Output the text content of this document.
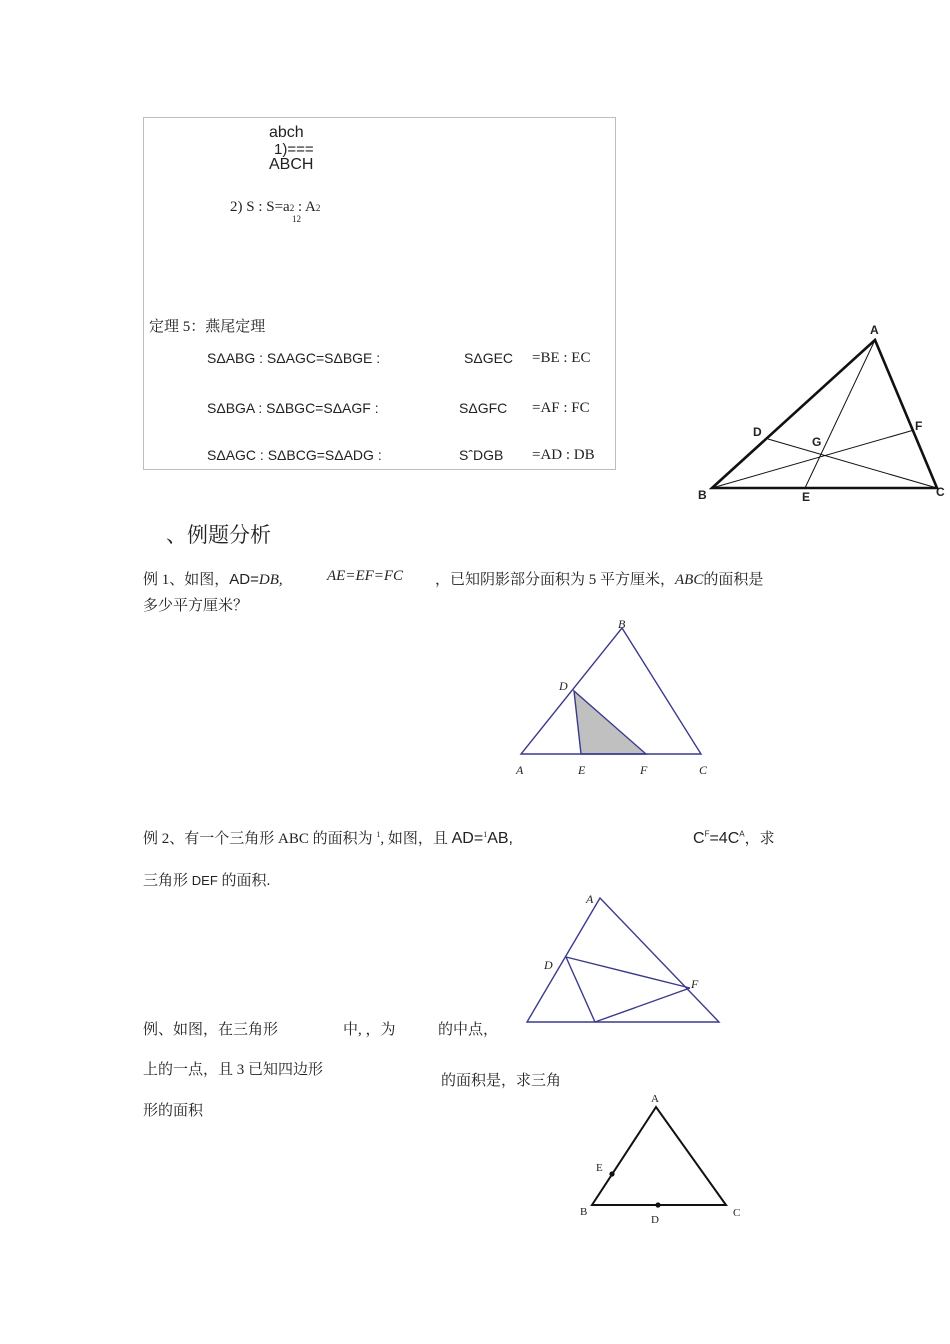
abch
1)===
ABCH
2) S : S=a2 : A2
12
定理 5：燕尾定理
SΔABG : SΔAGC=SΔBGE :	SΔGEC =BE : EC
SΔBGA : SΔBGC=SΔAGF :	SΔGFC =AF : FC
SΔAGC : SΔBCG=SΔADG :	SˆDGB =AD : DB
A
B	C
D
E
F
G
、例题分析
例 1、如图，AD=DB,	AE=EF=FC ，已知阴影部分面积为 5 平方厘米，ABC的面积是
多少平方厘米？
B
D
A	E	F	C
例 2、有一个三角形 ABC 的面积为 $^1$, 如图，且 AD=$^1$AB,	$C^F=4C^A$，求
三角形 DEF 的面积.
A
D
F
例、如图，在三角形	中, ，为	的中点，
上的一点，且 3 已知四边形
的面积是，求三角
形的面积
A
E
B
D
C
